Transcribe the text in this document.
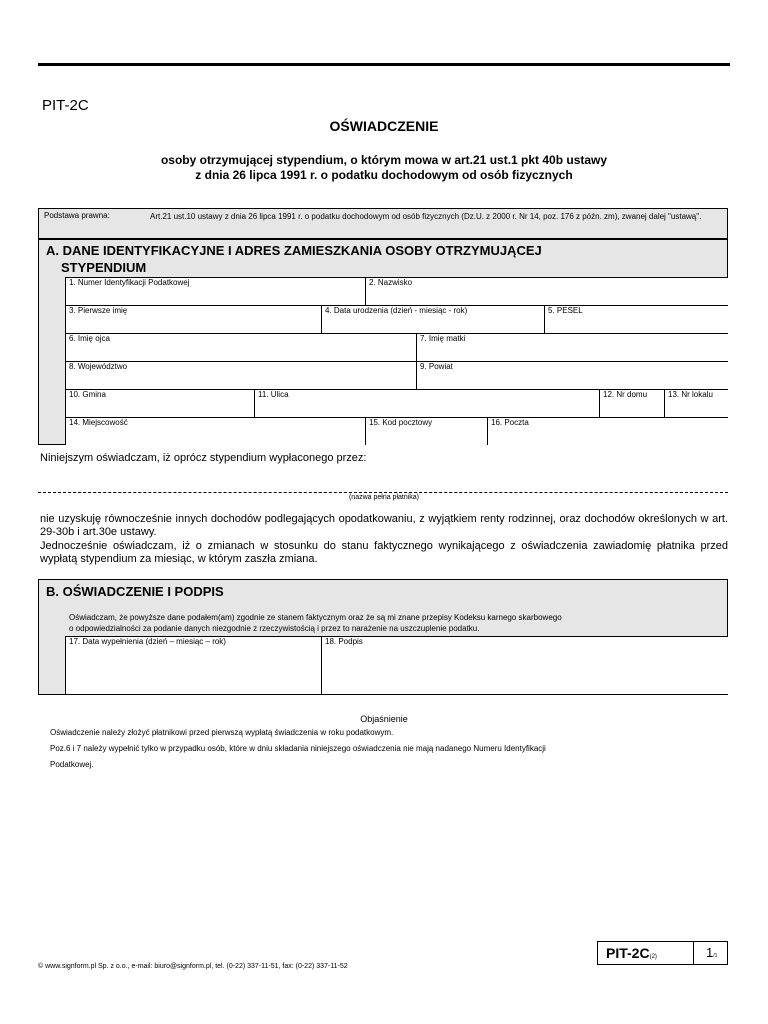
PIT-2C
OŚWIADCZENIE
osoby otrzymującej stypendium, o którym mowa w art.21 ust.1 pkt 40b ustawy
z dnia 26 lipca 1991 r. o podatku dochodowym od osób fizycznych
Podstawa prawna:	Art.21 ust.10 ustawy z dnia 26 lipca 1991 r. o podatku dochodowym od osób fizycznych (Dz.U. z 2000 r. Nr 14, poz. 176 z późn. zm), zwanej dalej "ustawą".
A. DANE IDENTYFIKACYJNE I ADRES ZAMIESZKANIA OSOBY OTRZYMUJĄCEJ
STYPENDIUM
1. Numer Identyfikacji Podatkowej	2. Nazwisko
3. Pierwsze imię	4. Data urodzenia (dzień - miesiąc - rok)	5. PESEL
6. Imię ojca	7. Imię matki
8. Województwo	9. Powiat
10. Gmina	11. Ulica	12. Nr domu	13. Nr lokalu
14. Miejscowość	15. Kod pocztowy	16. Poczta
Niniejszym oświadczam, iż oprócz stypendium wypłaconego przez:
(nazwa pełna płatnika)
nie uzyskuję równocześnie innych dochodów podlegających opodatkowaniu, z wyjątkiem renty rodzinnej, oraz dochodów określonych w art. 29-30b i art.30e ustawy.
Jednocześnie oświadczam, iż o zmianach w stosunku do stanu faktycznego wynikającego z oświadczenia zawiadomię płatnika przed wypłatą stypendium za miesiąc, w którym zaszła zmiana.
B. OŚWIADCZENIE I PODPIS
Oświadczam, że powyższe dane podałem(am) zgodnie ze stanem faktycznym oraz że są mi znane przepisy Kodeksu karnego skarbowego
o odpowiedzialności za podanie danych niezgodnie z rzeczywistością i przez to narażenie na uszczuplenie podatku.
17. Data wypełnienia (dzień – miesiąc – rok)	18. Podpis
Objaśnienie
Oświadczenie należy złożyć płatnikowi przed pierwszą wypłatą świadczenia w roku podatkowym.
Poz.6 i 7 należy wypełnić tylko w przypadku osób, które w dniu składania niniejszego oświadczenia nie mają nadanego Numeru Identyfikacji
Podatkowej.
PIT-2C(2)	1/1
© www.signform.pl Sp. z o.o., e-mail: biuro@signform.pl, tel. (0-22) 337-11-51, fax: (0-22) 337-11-52
